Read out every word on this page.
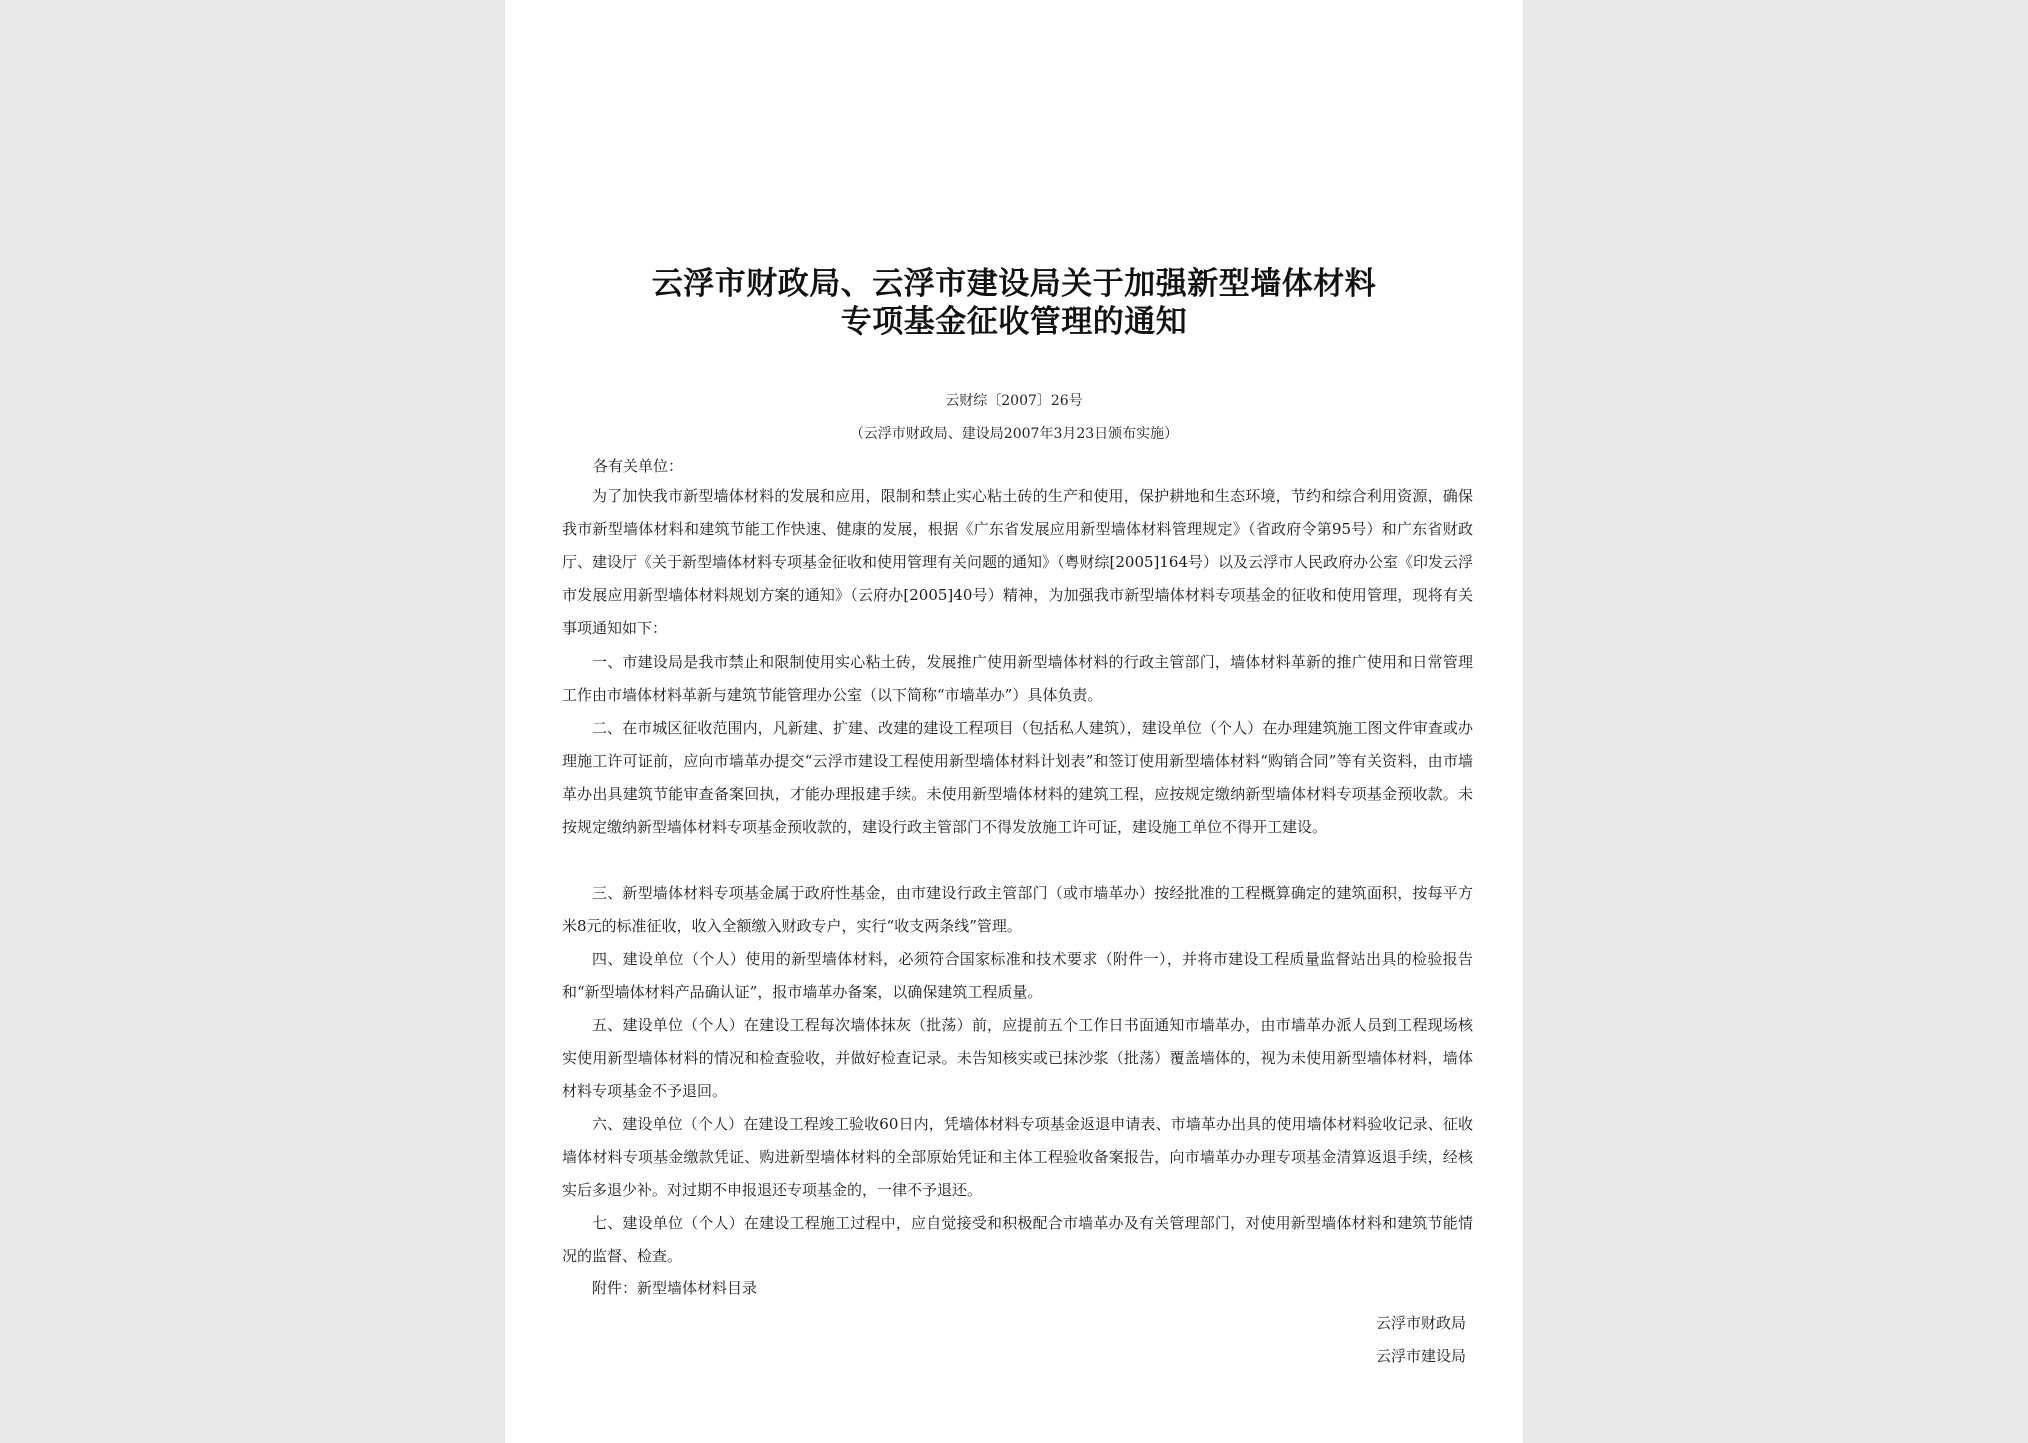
云浮市财政局、云浮市建设局关于加强新型墙体材料
专项基金征收管理的通知
云财综〔2007〕26号
（云浮市财政局、建设局2007年3月23日颁布实施）
各有关单位：

为了加快我市新型墙体材料的发展和应用，限制和禁止实心粘土砖的生产和使用，保护耕地和生态环境，节约和综合利用资源，确保我市新型墙体材料和建筑节能工作快速、健康的发展，根据《广东省发展应用新型墙体材料管理规定》（省政府令第95号）和广东省财政厅、建设厅《关于新型墙体材料专项基金征收和使用管理有关问题的通知》（粤财综[2005]164号）以及云浮市人民政府办公室《印发云浮市发展应用新型墙体材料规划方案的通知》（云府办[2005]40号）精神，为加强我市新型墙体材料专项基金的征收和使用管理，现将有关事项通知如下：

一、市建设局是我市禁止和限制使用实心粘土砖，发展推广使用新型墙体材料的行政主管部门，墙体材料革新的推广使用和日常管理工作由市墙体材料革新与建筑节能管理办公室（以下简称“市墙革办”）具体负责。

二、在市城区征收范围内，凡新建、扩建、改建的建设工程项目（包括私人建筑），建设单位（个人）在办理建筑施工图文件审查或办理施工许可证前，应向市墙革办提交“云浮市建设工程使用新型墙体材料计划表”和签订使用新型墙体材料“购销合同”等有关资料，由市墙革办出具建筑节能审查备案回执，才能办理报建手续。未使用新型墙体材料的建筑工程，应按规定缴纳新型墙体材料专项基金预收款。未按规定缴纳新型墙体材料专项基金预收款的，建设行政主管部门不得发放施工许可证，建设施工单位不得开工建设。

三、新型墙体材料专项基金属于政府性基金，由市建设行政主管部门（或市墙革办）按经批准的工程概算确定的建筑面积，按每平方米8元的标准征收，收入全额缴入财政专户，实行“收支两条线”管理。

四、建设单位（个人）使用的新型墙体材料，必须符合国家标准和技术要求（附件一），并将市建设工程质量监督站出具的检验报告和“新型墙体材料产品确认证”，报市墙革办备案，以确保建筑工程质量。

五、建设单位（个人）在建设工程每次墙体抹灰（批荡）前，应提前五个工作日书面通知市墙革办，由市墙革办派人员到工程现场核实使用新型墙体材料的情况和检查验收，并做好检查记录。未告知核实或已抹沙浆（批荡）覆盖墙体的，视为未使用新型墙体材料，墙体材料专项基金不予退回。

六、建设单位（个人）在建设工程竣工验收60日内，凭墙体材料专项基金返退申请表、市墙革办出具的使用墙体材料验收记录、征收墙体材料专项基金缴款凭证、购进新型墙体材料的全部原始凭证和主体工程验收备案报告，向市墙革办办理专项基金清算返退手续，经核实后多退少补。对过期不申报退还专项基金的，一律不予退还。

七、建设单位（个人）在建设工程施工过程中，应自觉接受和积极配合市墙革办及有关管理部门，对使用新型墙体材料和建筑节能情况的监督、检查。

附件：新型墙体材料目录

云浮市财政局
云浮市建设局
